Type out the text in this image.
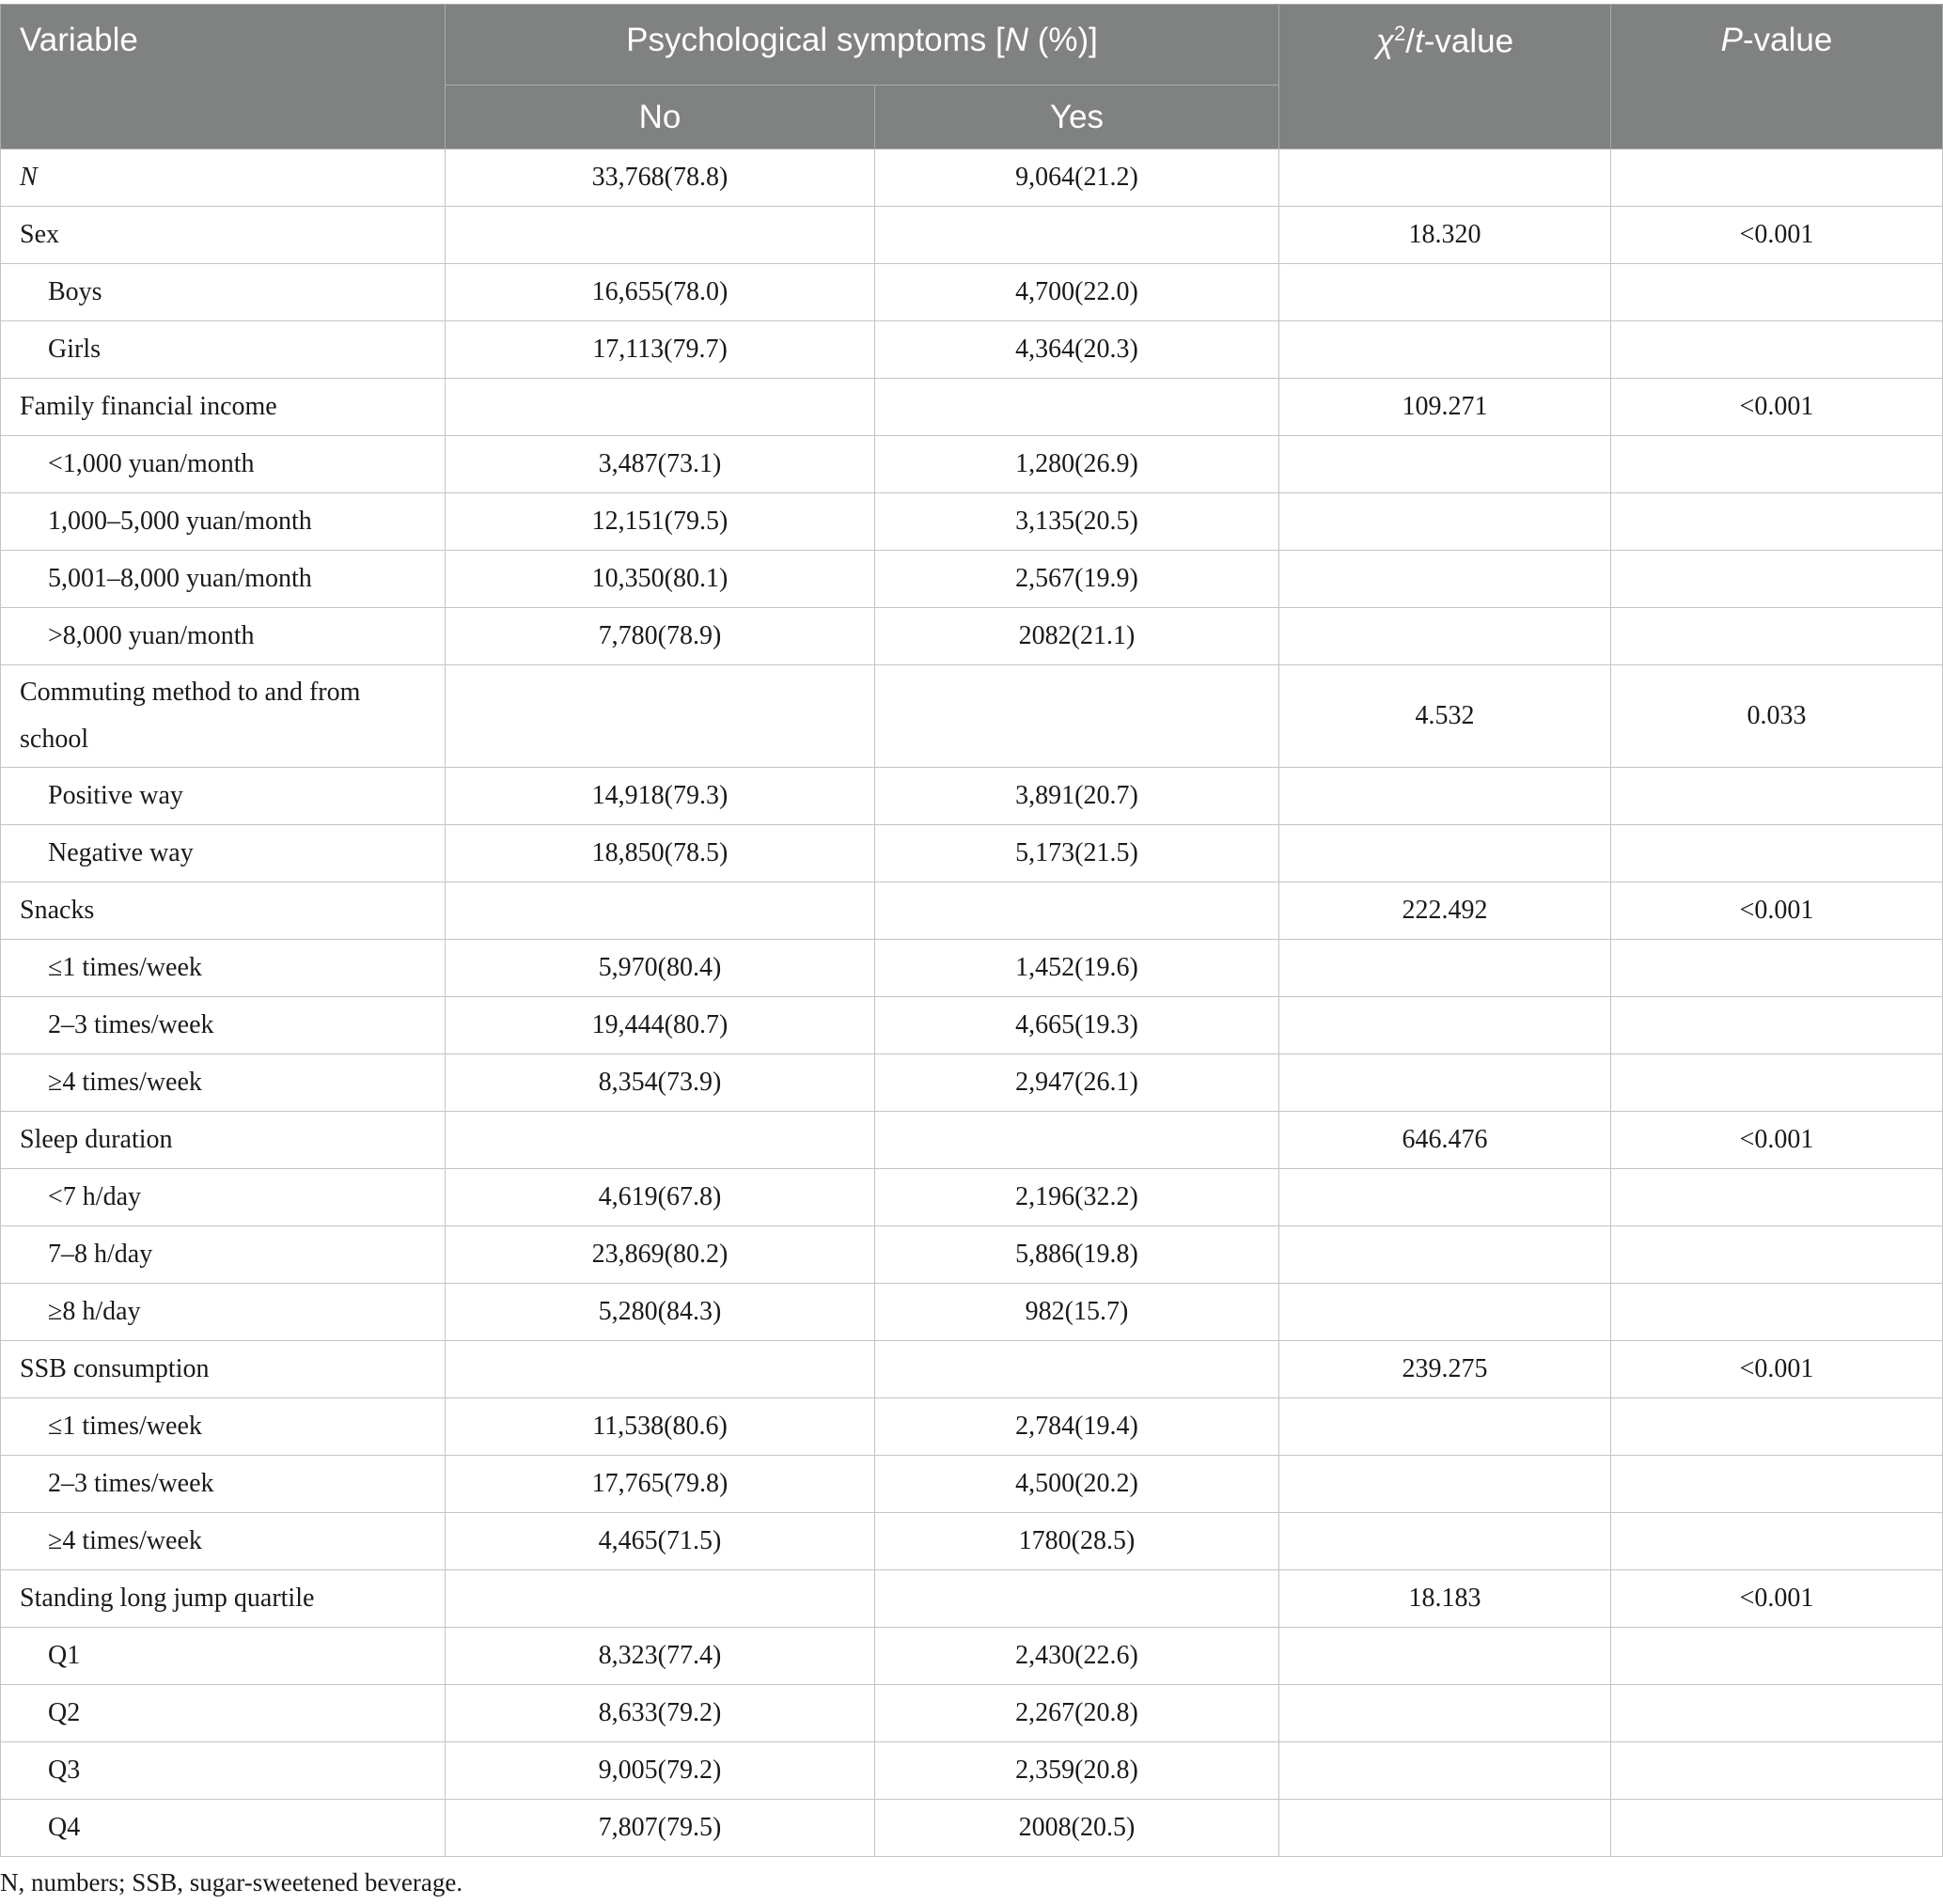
Variable	Psychological symptoms [N (%)]		$\chi^2/t$-value	P-value
	No	Yes		
N	33,768(78.8)	9,064(21.2)		
Sex			18.320	<0.001
Boys	16,655(78.0)	4,700(22.0)		
Girls	17,113(79.7)	4,364(20.3)		
Family financial income			109.271	<0.001
<1,000 yuan/month	3,487(73.1)	1,280(26.9)		
1,000–5,000 yuan/month	12,151(79.5)	3,135(20.5)		
5,001–8,000 yuan/month	10,350(80.1)	2,567(19.9)		
>8,000 yuan/month	7,780(78.9)	2082(21.1)		
Commuting method to and from school			4.532	0.033
Positive way	14,918(79.3)	3,891(20.7)		
Negative way	18,850(78.5)	5,173(21.5)		
Snacks			222.492	<0.001
≤1 times/week	5,970(80.4)	1,452(19.6)		
2–3 times/week	19,444(80.7)	4,665(19.3)		
≥4 times/week	8,354(73.9)	2,947(26.1)		
Sleep duration			646.476	<0.001
<7 h/day	4,619(67.8)	2,196(32.2)		
7–8 h/day	23,869(80.2)	5,886(19.8)		
≥8 h/day	5,280(84.3)	982(15.7)		
SSB consumption			239.275	<0.001
≤1 times/week	11,538(80.6)	2,784(19.4)		
2–3 times/week	17,765(79.8)	4,500(20.2)		
≥4 times/week	4,465(71.5)	1780(28.5)		
Standing long jump quartile			18.183	<0.001
Q1	8,323(77.4)	2,430(22.6)		
Q2	8,633(79.2)	2,267(20.8)		
Q3	9,005(79.2)	2,359(20.8)		
Q4	7,807(79.5)	2008(20.5)		
N, numbers; SSB, sugar-sweetened beverage.
